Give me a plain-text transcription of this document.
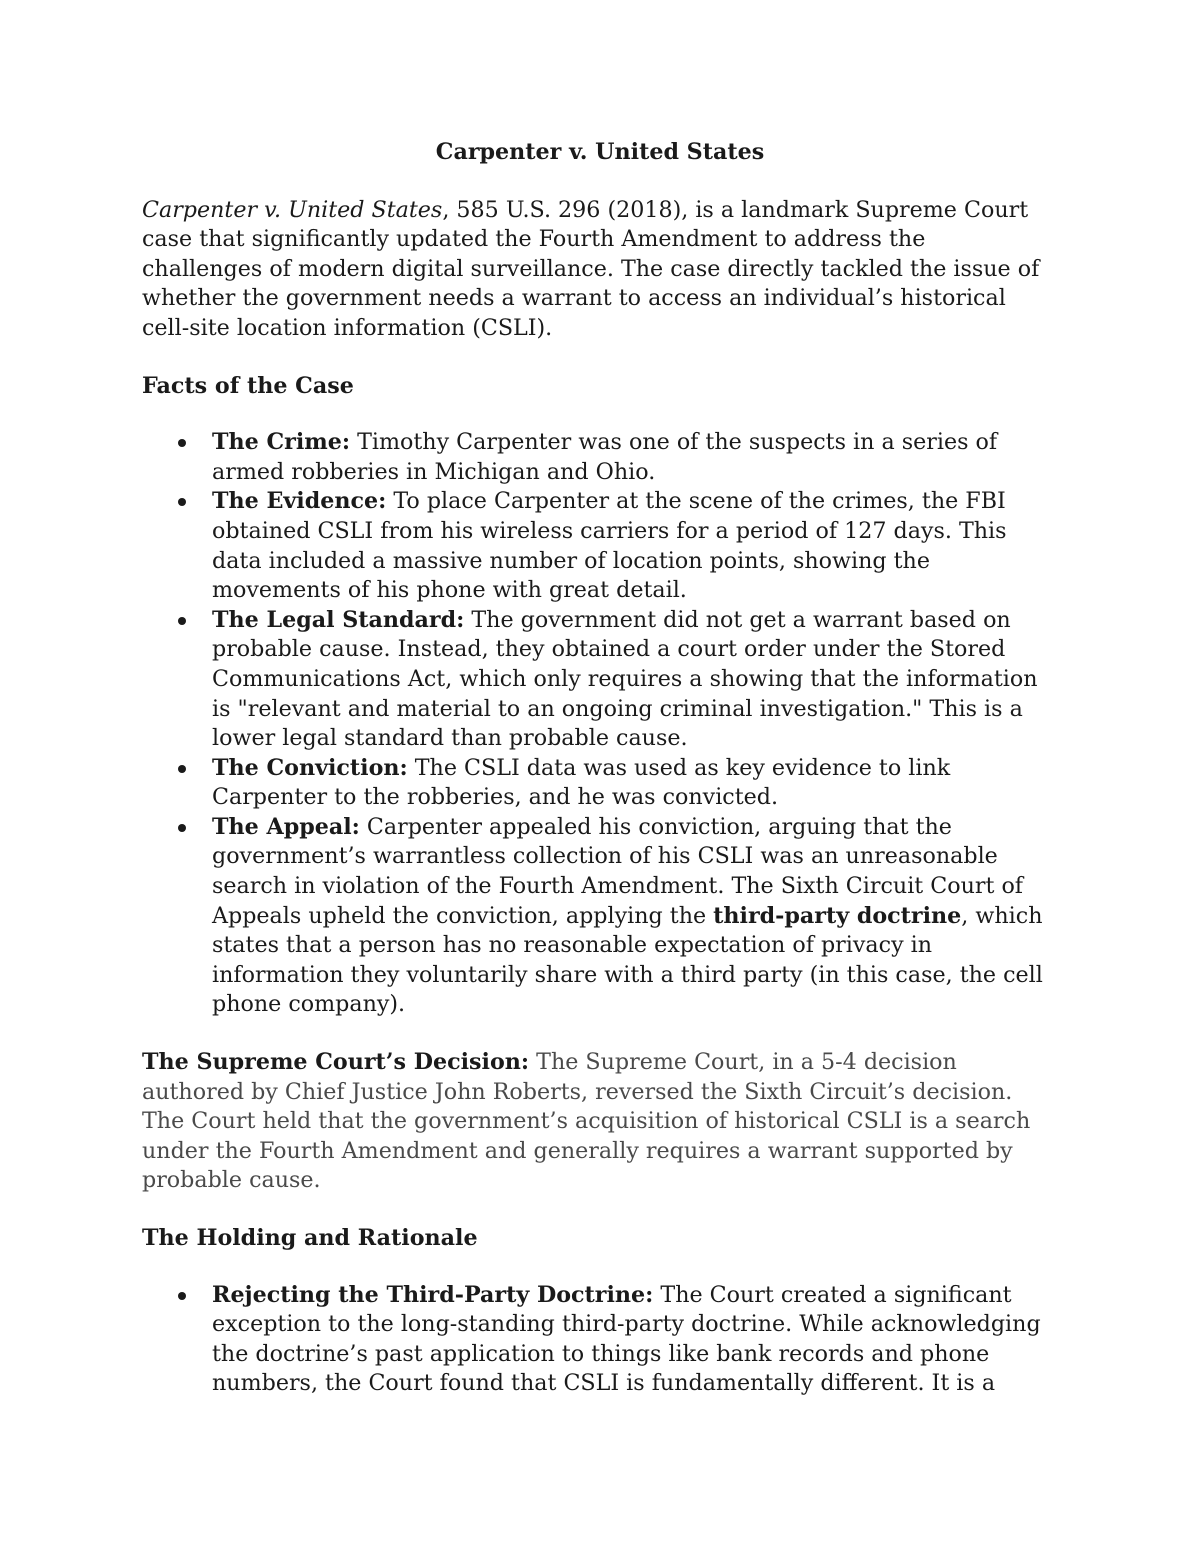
Carpenter v. United States

Carpenter v. United States, 585 U.S. 296 (2018), is a landmark Supreme Court case that significantly updated the Fourth Amendment to address the challenges of modern digital surveillance. The case directly tackled the issue of whether the government needs a warrant to access an individual’s historical cell-site location information (CSLI).

Facts of the Case

The Crime: Timothy Carpenter was one of the suspects in a series of armed robberies in Michigan and Ohio.
The Evidence: To place Carpenter at the scene of the crimes, the FBI obtained CSLI from his wireless carriers for a period of 127 days. This data included a massive number of location points, showing the movements of his phone with great detail.
The Legal Standard: The government did not get a warrant based on probable cause. Instead, they obtained a court order under the Stored Communications Act, which only requires a showing that the information is "relevant and material to an ongoing criminal investigation." This is a lower legal standard than probable cause.
The Conviction: The CSLI data was used as key evidence to link Carpenter to the robberies, and he was convicted.
The Appeal: Carpenter appealed his conviction, arguing that the government’s warrantless collection of his CSLI was an unreasonable search in violation of the Fourth Amendment. The Sixth Circuit Court of Appeals upheld the conviction, applying the third-party doctrine, which states that a person has no reasonable expectation of privacy in information they voluntarily share with a third party (in this case, the cell phone company).

The Supreme Court’s Decision: The Supreme Court, in a 5-4 decision authored by Chief Justice John Roberts, reversed the Sixth Circuit’s decision. The Court held that the government’s acquisition of historical CSLI is a search under the Fourth Amendment and generally requires a warrant supported by probable cause.

The Holding and Rationale

Rejecting the Third-Party Doctrine: The Court created a significant exception to the long-standing third-party doctrine. While acknowledging the doctrine’s past application to things like bank records and phone numbers, the Court found that CSLI is fundamentally different. It is a
